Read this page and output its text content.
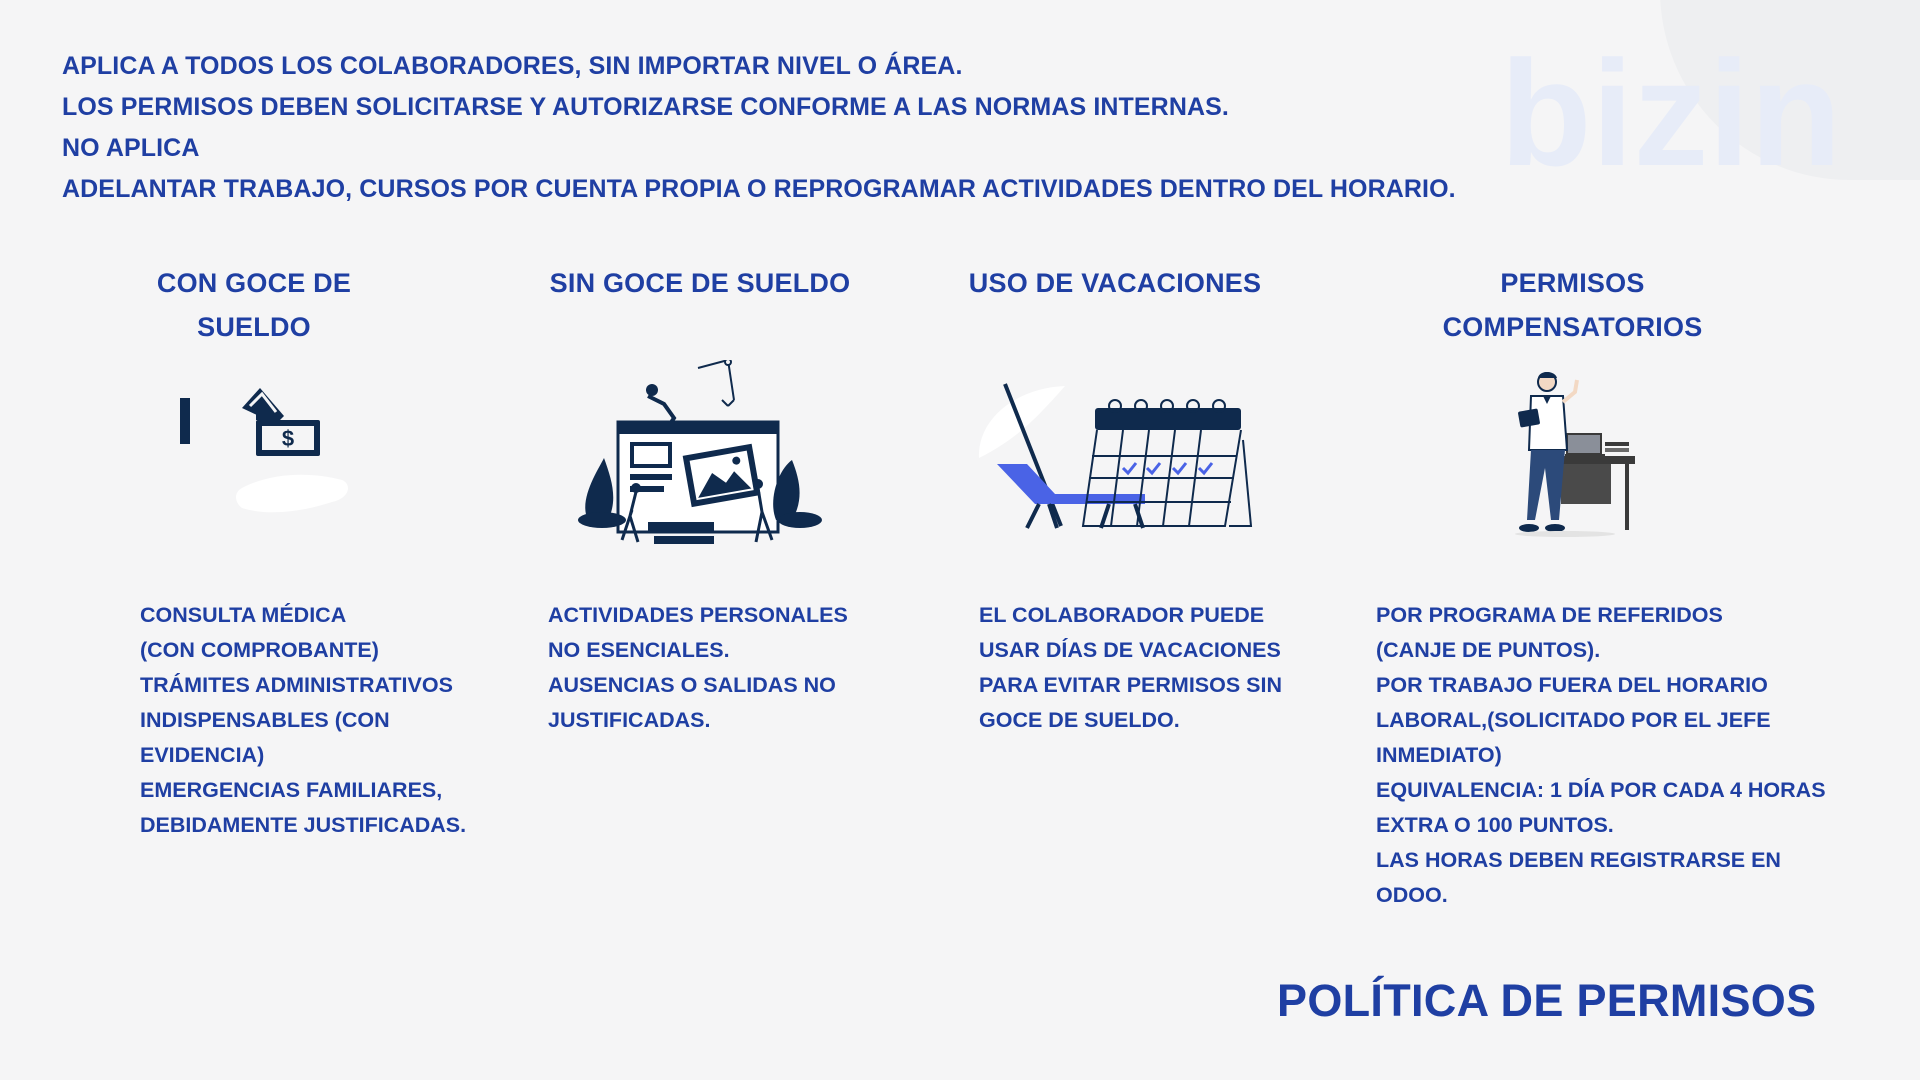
bizin
APLICA A TODOS LOS COLABORADORES, SIN IMPORTAR NIVEL O ÁREA.
LOS PERMISOS DEBEN SOLICITARSE Y AUTORIZARSE CONFORME A LAS NORMAS INTERNAS.
NO APLICA
ADELANTAR TRABAJO, CURSOS POR CUENTA PROPIA O REPROGRAMAR ACTIVIDADES DENTRO DEL HORARIO.
CON GOCE DE
SUELDO
$
CONSULTA MÉDICA
(CON COMPROBANTE)
TRÁMITES ADMINISTRATIVOS
INDISPENSABLES (CON
EVIDENCIA)
EMERGENCIAS FAMILIARES,
DEBIDAMENTE JUSTIFICADAS.
SIN GOCE DE SUELDO
ACTIVIDADES PERSONALES
NO ESENCIALES.
AUSENCIAS O SALIDAS NO
JUSTIFICADAS.
USO DE VACACIONES
EL COLABORADOR PUEDE
USAR DÍAS DE VACACIONES
PARA EVITAR PERMISOS SIN
GOCE DE SUELDO.
PERMISOS
COMPENSATORIOS
POR PROGRAMA DE REFERIDOS
(CANJE DE PUNTOS).
POR TRABAJO FUERA DEL HORARIO
LABORAL,(SOLICITADO POR EL JEFE
INMEDIATO)
EQUIVALENCIA: 1 DÍA POR CADA 4 HORAS
EXTRA O 100 PUNTOS.
LAS HORAS DEBEN REGISTRARSE EN
ODOO.
POLÍTICA DE PERMISOS
